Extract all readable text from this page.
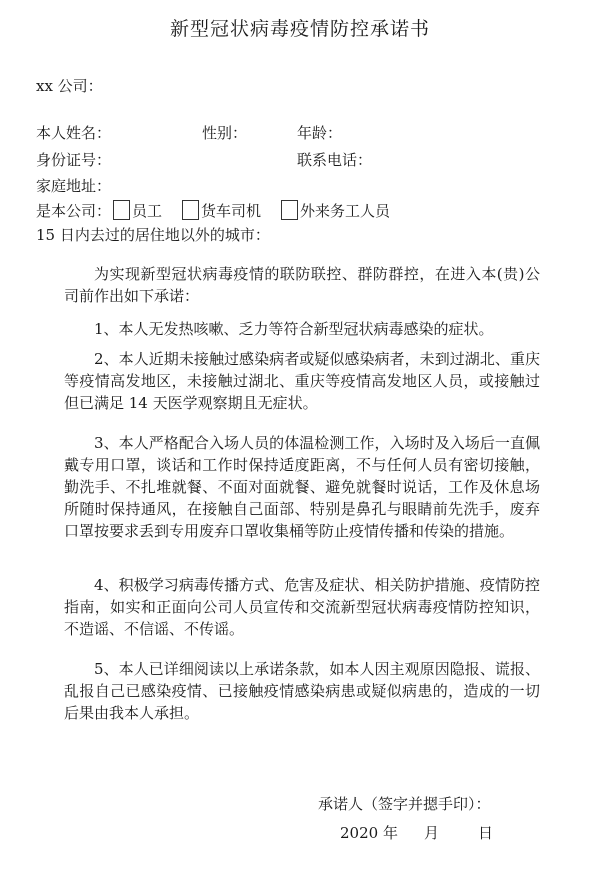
新型冠状病毒疫情防控承诺书
xx 公司：
本人姓名：	性别：	年龄：
身份证号：	联系电话：
家庭地址：
是本公司： 员工	货车司机	外来务工人员
15 日内去过的居住地以外的城市：
为实现新型冠状病毒疫情的联防联控、群防群控，在进入本(贵)公司前作出如下承诺：
1、本人无发热咳嗽、乏力等符合新型冠状病毒感染的症状。
2、本人近期未接触过感染病者或疑似感染病者，未到过湖北、重庆等疫情高发地区，未接触过湖北、重庆等疫情高发地区人员，或接触过但已满足 14 天医学观察期且无症状。
3、本人严格配合入场人员的体温检测工作，入场时及入场后一直佩戴专用口罩，谈话和工作时保持适度距离，不与任何人员有密切接触，勤洗手、不扎堆就餐、不面对面就餐、避免就餐时说话，工作及休息场所随时保持通风，在接触自己面部、特别是鼻孔与眼睛前先洗手，废弃口罩按要求丢到专用废弃口罩收集桶等防止疫情传播和传染的措施。
4、积极学习病毒传播方式、危害及症状、相关防护措施、疫情防控指南，如实和正面向公司人员宣传和交流新型冠状病毒疫情防控知识，不造谣、不信谣、不传谣。
5、本人已详细阅读以上承诺条款，如本人因主观原因隐报、谎报、乱报自己已感染疫情、已接触疫情感染病患或疑似病患的，造成的一切后果由我本人承担。
承诺人（签字并摁手印）：
2020 年 月	日
